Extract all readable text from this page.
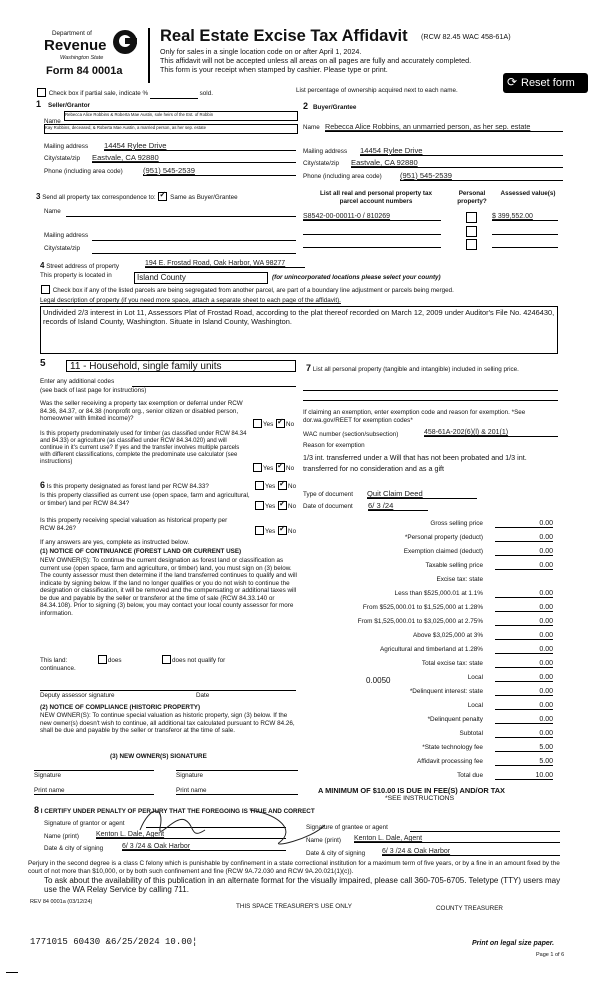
Department of
Revenue
Washington State
Form 84 0001a
Real Estate Excise Tax Affidavit (RCW 82.45 WAC 458-61A)
Only for sales in a single location code on or after April 1, 2024.
This affidavit will not be accepted unless all areas on all pages are fully and accurately completed.
This form is your receipt when stamped by cashier. Please type or print.
⟳ Reset form
Check box if partial sale, indicate %	sold.	List percentage of ownership acquired next to each name.
1 Seller/Grantor
Name
Rebecca Alice Robbins & Roberta Mae Austin, sole heirs of the Est. of Robbin
Kay Robbins, deceased, & Roberta Mae Austin, a married person, as her sep. estate
Mailing address 14454 Rylee Drive
City/state/zip Eastvale, CA 92880
Phone (including area code)	(951) 545-2539
2 Buyer/Grantee
Name Rebecca Alice Robbins, an unmarried person, as her sep. estate
Mailing address 14454 Rylee Drive
City/state/zip Eastvale, CA 92880
Phone (including area code) (951) 545-2539
3 Send all property tax correspondence to: ✓ Same as Buyer/Grantee
Name
Mailing address
City/state/zip
List all real and personal property tax parcel account numbers
Personal property?
Assessed value(s)
S8542-00-00011-0 / 810269	$ 399,552.00
4 Street address of property	194 E. Frostad Road, Oak Harbor, WA 98277
This property is located in	Island County	(for unincorporated locations please select your county)
Check box if any of the listed parcels are being segregated from another parcel, are part of a boundary line adjustment or parcels being merged.
Legal description of property (if you need more space, attach a separate sheet to each page of the affidavit).
Undivided 2/3 interest in Lot 11, Assessors Plat of Frostad Road, according to the plat thereof recorded on March 12, 2009 under Auditor's File No. 4246430, records of Island County, Washington. Situate in Island County, Washington.
5	11 - Household, single family units
Enter any additional codes
(see back of last page for instructions)
Was the seller receiving a property tax exemption or deferral under RCW 84.36, 84.37, or 84.38 (nonprofit org., senior citizen or disabled person, homeowner with limited income)?
Yes ✓ No
Is this property predominately used for timber (as classified under RCW 84.34 and 84.33) or agriculture (as classified under RCW 84.34.020) and will continue in it's current use? If yes and the transfer involves multiple parcels with different classifications, complete the predominate use calculator (see instructions)
Yes ✓ No
6 Is this property designated as forest land per RCW 84.33?	Yes ✓ No
Is this property classified as current use (open space, farm and agricultural, or timber) land per RCW 84.34?
Yes ✓ No
Is this property receiving special valuation as historical property per RCW 84.26?
Yes ✓ No
If any answers are yes, complete as instructed below.
(1) NOTICE OF CONTINUANCE (FOREST LAND OR CURRENT USE)
NEW OWNER(S): To continue the current designation as forest land or classification as current use (open space, farm and agriculture, or timber) land, you must sign on (3) below. The county assessor must then determine if the land transferred continues to qualify and will indicate by signing below. If the land no longer qualifies or you do not wish to continue the designation or classification, it will be removed and the compensating or additional taxes will be due and payable by the seller or transferor at the time of sale (RCW 84.33.140 or 84.34.108). Prior to signing (3) below, you may contact your local county assessor for more information.
This land:	does	does not qualify for
continuance.
Deputy assessor signature	Date
(2) NOTICE OF COMPLIANCE (HISTORIC PROPERTY)
NEW OWNER(S): To continue special valuation as historic property, sign (3) below. If the new owner(s) doesn't wish to continue, all additional tax calculated pursuant to RCW 84.26, shall be due and payable by the seller or transferor at the time of sale.
(3) NEW OWNER(S) SIGNATURE
Signature	Signature
Print name	Print name
7 List all personal property (tangible and intangible) included in selling price.
If claiming an exemption, enter exemption code and reason for exemption. *See dor.wa.gov/REET for exemption codes*
WAC number (section/subsection)	458-61A-202(6)(l) & 201(1)
Reason for exemption
1/3 int. transferred under a Will that has not been probated and 1/3 int. transferred for no consideration and as a gift
Type of document Quit Claim Deed
Date of document 6/ 3 /24
Gross selling price	0.00
*Personal property (deduct)	0.00
Exemption claimed (deduct)	0.00
Taxable selling price	0.00
Excise tax: state
Less than $525,000.01 at 1.1%	0.00
From $525,000.01 to $1,525,000 at 1.28%	0.00
From $1,525,000.01 to $3,025,000 at 2.75%	0.00
Above $3,025,000 at 3%	0.00
Agricultural and timberland at 1.28%	0.00
Total excise tax: state	0.00
0.0050	Local	0.00
*Delinquent interest: state	0.00
Local	0.00
*Delinquent penalty	0.00
Subtotal	0.00
*State technology fee	5.00
Affidavit processing fee	5.00
Total due	10.00
A MINIMUM OF $10.00 IS DUE IN FEE(S) AND/OR TAX
*SEE INSTRUCTIONS
8 I CERTIFY UNDER PENALTY OF PERJURY THAT THE FOREGOING IS TRUE AND CORRECT
Signature of grantor or agent
Signature of grantee or agent
Name (print) Kenton L. Dale, Agent
Name (print) Kenton L. Dale, Agent
Date & city of signing	6/ 3 /24 & Oak Harbor
Date & city of signing 6/ 3 /24 & Oak Harbor
Perjury in the second degree is a class C felony which is punishable by confinement in a state correctional institution for a maximum term of five years, or by a fine in an amount fixed by the court of not more than $10,000, or by both such confinement and fine (RCW 9A.72.030 and RCW 9A.20.021(1)(c)).
To ask about the availability of this publication in an alternate format for the visually impaired, please call 360-705-6705. Teletype (TTY) users may use the WA Relay Service by calling 711.
REV 84 0001a (03/12/24)
THIS SPACE TREASURER'S USE ONLY	COUNTY TREASURER
1771015 60430 &6/25/2024 10.00¦	Print on legal size paper.
Page 1 of 6
